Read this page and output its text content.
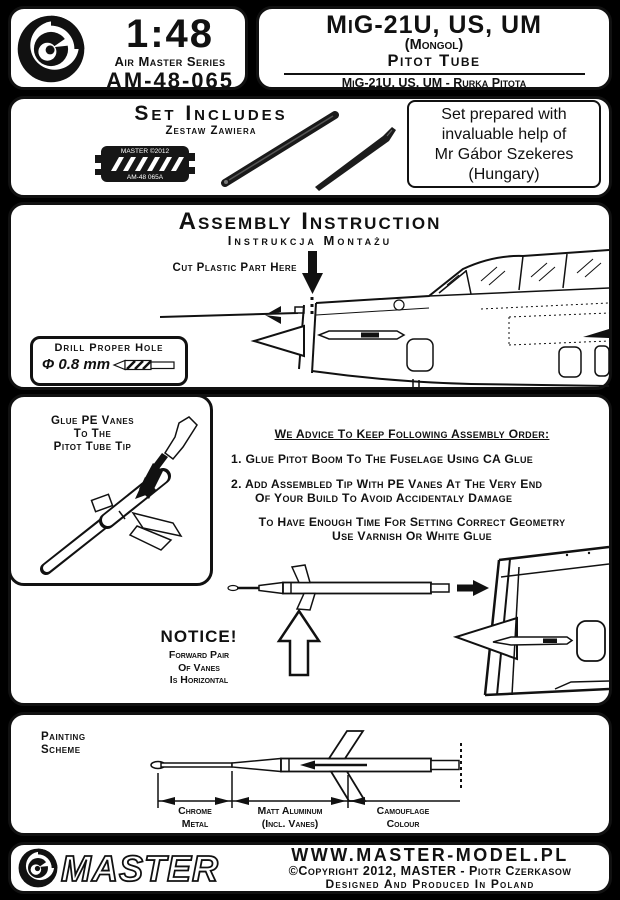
1:48
Air Master Series
AM-48-065
MiG-21U, US, UM
(Mongol)
Pitot Tube
MiG-21U, US, UM - Rurka Pitota
Set Includes
Zestaw Zawiera
MASTER ©2012
AM-48 065A
Set prepared with
invaluable help of
Mr Gábor Szekeres
(Hungary)
Assembly Instruction
Instrukcja Montażu
Cut Plastic Part Here
Drill Proper Hole
Φ 0.8 mm
Glue PE Vanes
To The
Pitot Tube Tip
We Advice To Keep Following Assembly Order:
1. Glue Pitot Boom To The Fuselage Using CA Glue
2. Add Assembled Tip With PE Vanes At The Very End
Of Your Build To Avoid Accidentaly Damage
To Have Enough Time For Setting Correct Geometry
Use Varnish Or White Glue
NOTICE!
Forward Pair
Of Vanes
Is Horizontal
Painting
Scheme
Chrome
Metal
Matt Aluminum
(Incl. Vanes)
Camouflage
Colour
MASTER	WWW.MASTER-MODEL.PL
©Copyright 2012, MASTER - Piotr Czerkasow
Designed And Produced In Poland
